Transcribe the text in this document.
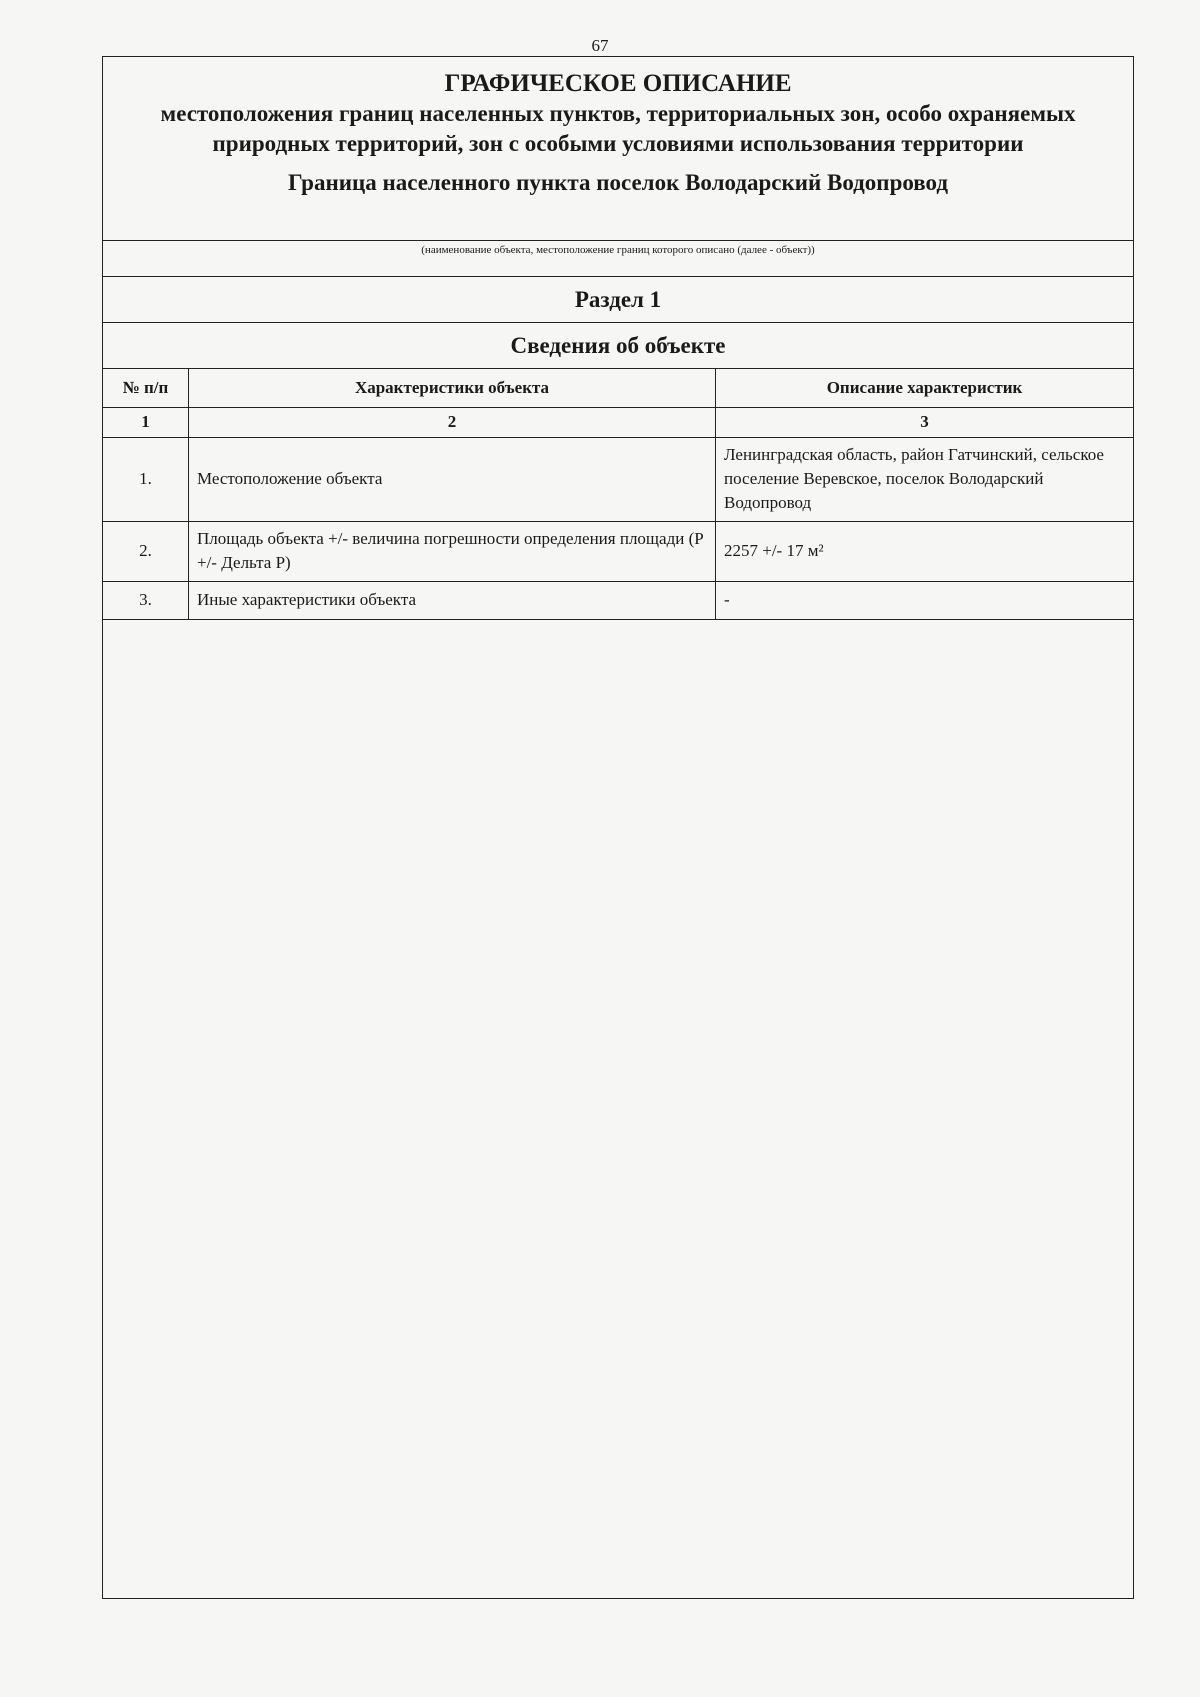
67
ГРАФИЧЕСКОЕ ОПИСАНИЕ
местоположения границ населенных пунктов, территориальных зон, особо охраняемых природных территорий, зон с особыми условиями использования территории
Граница населенного пункта поселок Володарский Водопровод
(наименование объекта, местоположение границ которого описано (далее - объект))
Раздел 1
Сведения об объекте
№ п/п	Характеристики объекта	Описание характеристик
1	2	3
1.	Местоположение объекта	Ленинградская область, район Гатчинский, сельское поселение Веревское, поселок Володарский Водопровод
2.	Площадь объекта +/- величина погрешности определения площади (P +/- Дельта P)	2257 +/- 17 м²
3.	Иные характеристики объекта	-
